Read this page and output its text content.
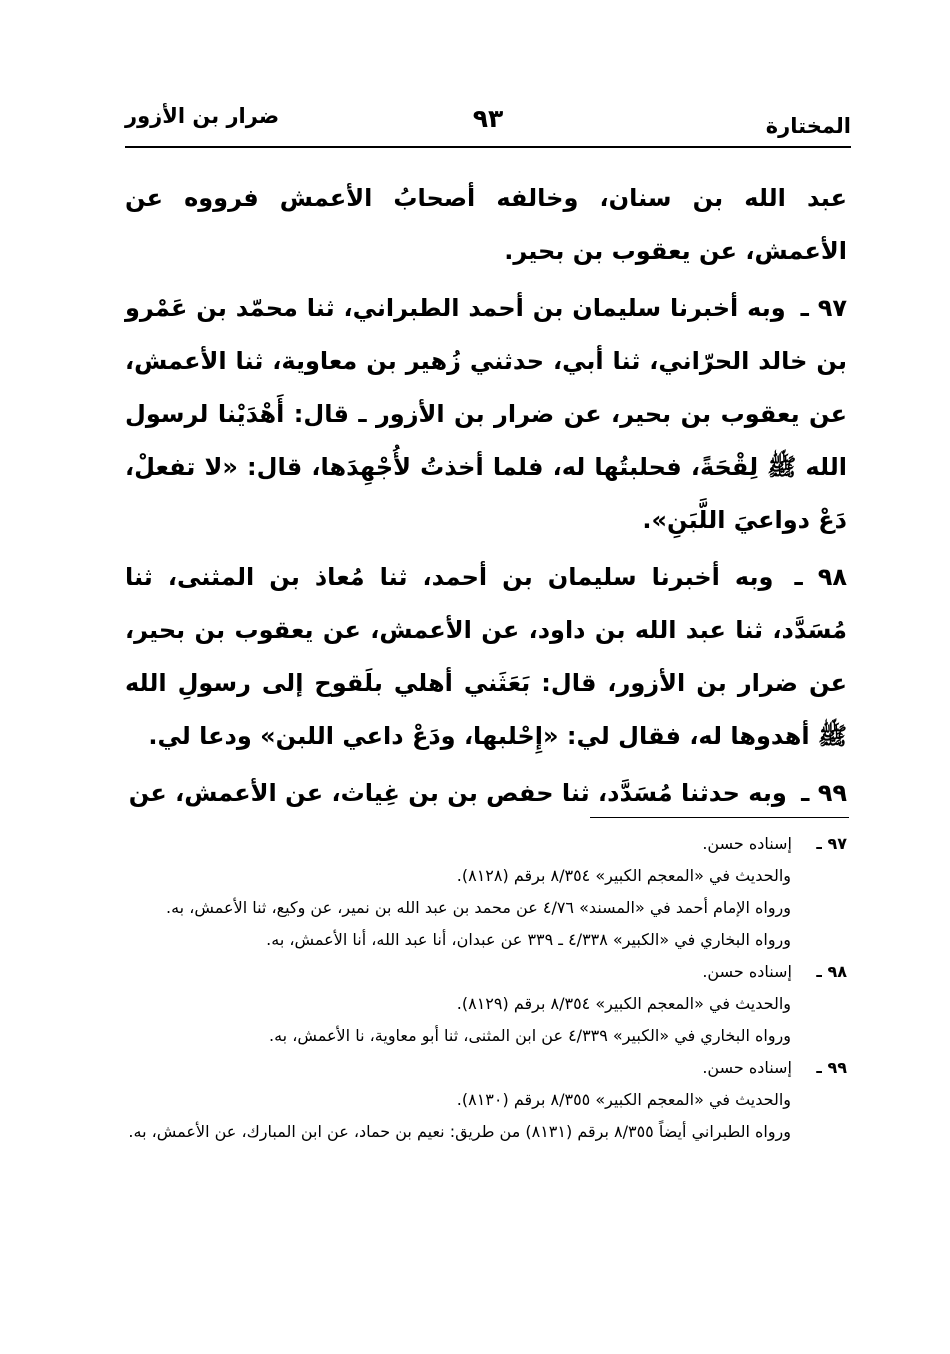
المختارة
٩٣
ضرار بن الأزور

عبد الله بن سنان، وخالفه أصحابُ الأعمش فرووه عن الأعمش، عن يعقوب بن بحير.

٩٧ ـ وبه أخبرنا سليمان بن أحمد الطبراني، ثنا محمّد بن عَمْرو بن خالد الحرّاني، ثنا أبي، حدثني زُهير بن معاوية، ثنا الأعمش، عن يعقوب بن بحير، عن ضرار بن الأزور ـ قال: أَهْدَيْنا لرسول الله ﷺ لِقْحَةً، فحلبتُها له، فلما أخذتُ لأُجْهِدَها، قال: «لا تفعلْ، دَعْ دواعيَ اللَّبَنِ».

٩٨ ـ وبه أخبرنا سليمان بن أحمد، ثنا مُعاذ بن المثنى، ثنا مُسَدَّد، ثنا عبد الله بن داود، عن الأعمش، عن يعقوب بن بحير، عن ضرار بن الأزور، قال: بَعَثَني أهلي بلَقوح إلى رسولِ الله ﷺ أهدوها له، فقال لي: «إِحْلبها، ودَعْ داعي اللبن» ودعا لي.

٩٩ ـ وبه حدثنا مُسَدَّد، ثنا حفص بن بن غِياث، عن الأعمش، عن

٩٧ ـ إسناده حسن.

والحديث في «المعجم الكبير» ٨/٣٥٤ برقم (٨١٢٨).

ورواه الإمام أحمد في «المسند» ٤/٧٦ عن محمد بن عبد الله بن نمير، عن وكيع، ثنا الأعمش، به.

ورواه البخاري في «الكبير» ٤/٣٣٨ ـ ٣٣٩ عن عبدان، أنا عبد الله، أنا الأعمش، به.

٩٨ ـ إسناده حسن.

والحديث في «المعجم الكبير» ٨/٣٥٤ برقم (٨١٢٩).

ورواه البخاري في «الكبير» ٤/٣٣٩ عن ابن المثنى، ثنا أبو معاوية، نا الأعمش، به.

٩٩ ـ إسناده حسن.

والحديث في «المعجم الكبير» ٨/٣٥٥ برقم (٨١٣٠).

ورواه الطبراني أيضاً ٨/٣٥٥ برقم (٨١٣١) من طريق: نعيم بن حماد، عن ابن المبارك، عن الأعمش، به.
